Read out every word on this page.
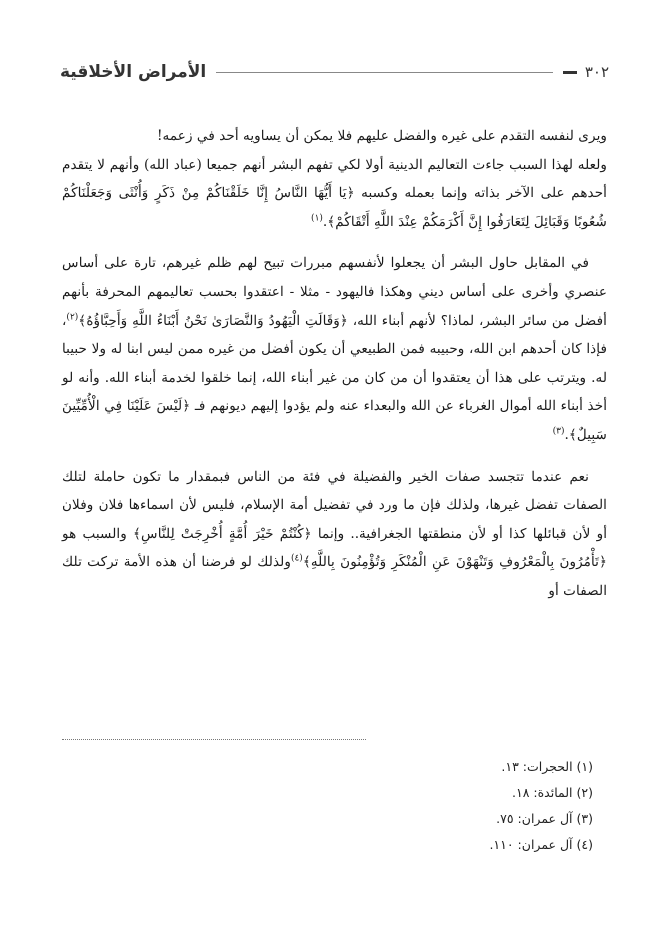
الأمراض الأخلاقية	٣٠٢

ويرى لنفسه التقدم على غيره والفضل عليهم فلا يمكن أن يساويه أحد في زعمه!

ولعله لهذا السبب جاءت التعاليم الدينية أولا لكي تفهم البشر أنهم جميعا (عباد الله) وأنهم لا يتقدم أحدهم على الآخر بذاته وإنما بعمله وكسبه ﴿يَا أَيُّهَا النَّاسُ إِنَّا خَلَقْنَاكُمْ مِنْ ذَكَرٍ وَأُنْثَى وَجَعَلْنَاكُمْ شُعُوبًا وَقَبَائِلَ لِتَعَارَفُوا إِنَّ أَكْرَمَكُمْ عِنْدَ اللَّهِ أَتْقَاكُمْ﴾.$^{(١)}$

في المقابل حاول البشر أن يجعلوا لأنفسهم مبررات تبيح لهم ظلم غيرهم، تارة على أساس عنصري وأخرى على أساس ديني وهكذا فاليهود - مثلا - اعتقدوا بحسب تعاليمهم المحرفة بأنهم أفضل من سائر البشر، لماذا؟ لأنهم أبناء الله، ﴿وَقَالَتِ الْيَهُودُ وَالنَّصَارَىٰ نَحْنُ أَبْنَاءُ اللَّهِ وَأَحِبَّاؤُهُ﴾$^{(٢)}$، فإذا كان أحدهم ابن الله، وحبيبه فمن الطبيعي أن يكون أفضل من غيره ممن ليس ابنا له ولا حبيبا له. ويترتب على هذا أن يعتقدوا أن من كان من غير أبناء الله، إنما خلقوا لخدمة أبناء الله. وأنه لو أخذ أبناء الله أموال الغرباء عن الله والبعداء عنه ولم يؤدوا إليهم ديونهم فـ ﴿لَيْسَ عَلَيْنَا فِي الْأُمِّيِّينَ سَبِيلٌ﴾.$^{(٣)}$

نعم عندما تتجسد صفات الخير والفضيلة في فئة من الناس فبمقدار ما تكون حاملة لتلك الصفات تفضل غيرها، ولذلك فإن ما ورد في تفضيل أمة الإسلام، فليس لأن اسماءها فلان وفلان أو لأن قبائلها كذا أو لأن منطقتها الجغرافية.. وإنما ﴿كُنْتُمْ خَيْرَ أُمَّةٍ أُخْرِجَتْ لِلنَّاسِ﴾ والسبب هو ﴿تَأْمُرُونَ بِالْمَعْرُوفِ وَتَنْهَوْنَ عَنِ الْمُنْكَرِ وَتُؤْمِنُونَ بِاللَّهِ﴾$^{(٤)}$ولذلك لو فرضنا أن هذه الأمة تركت تلك الصفات أو

(١) الحجرات: ١٣.
(٢) المائدة: ١٨.
(٣) آل عمران: ٧٥.
(٤) آل عمران: ١١٠.
